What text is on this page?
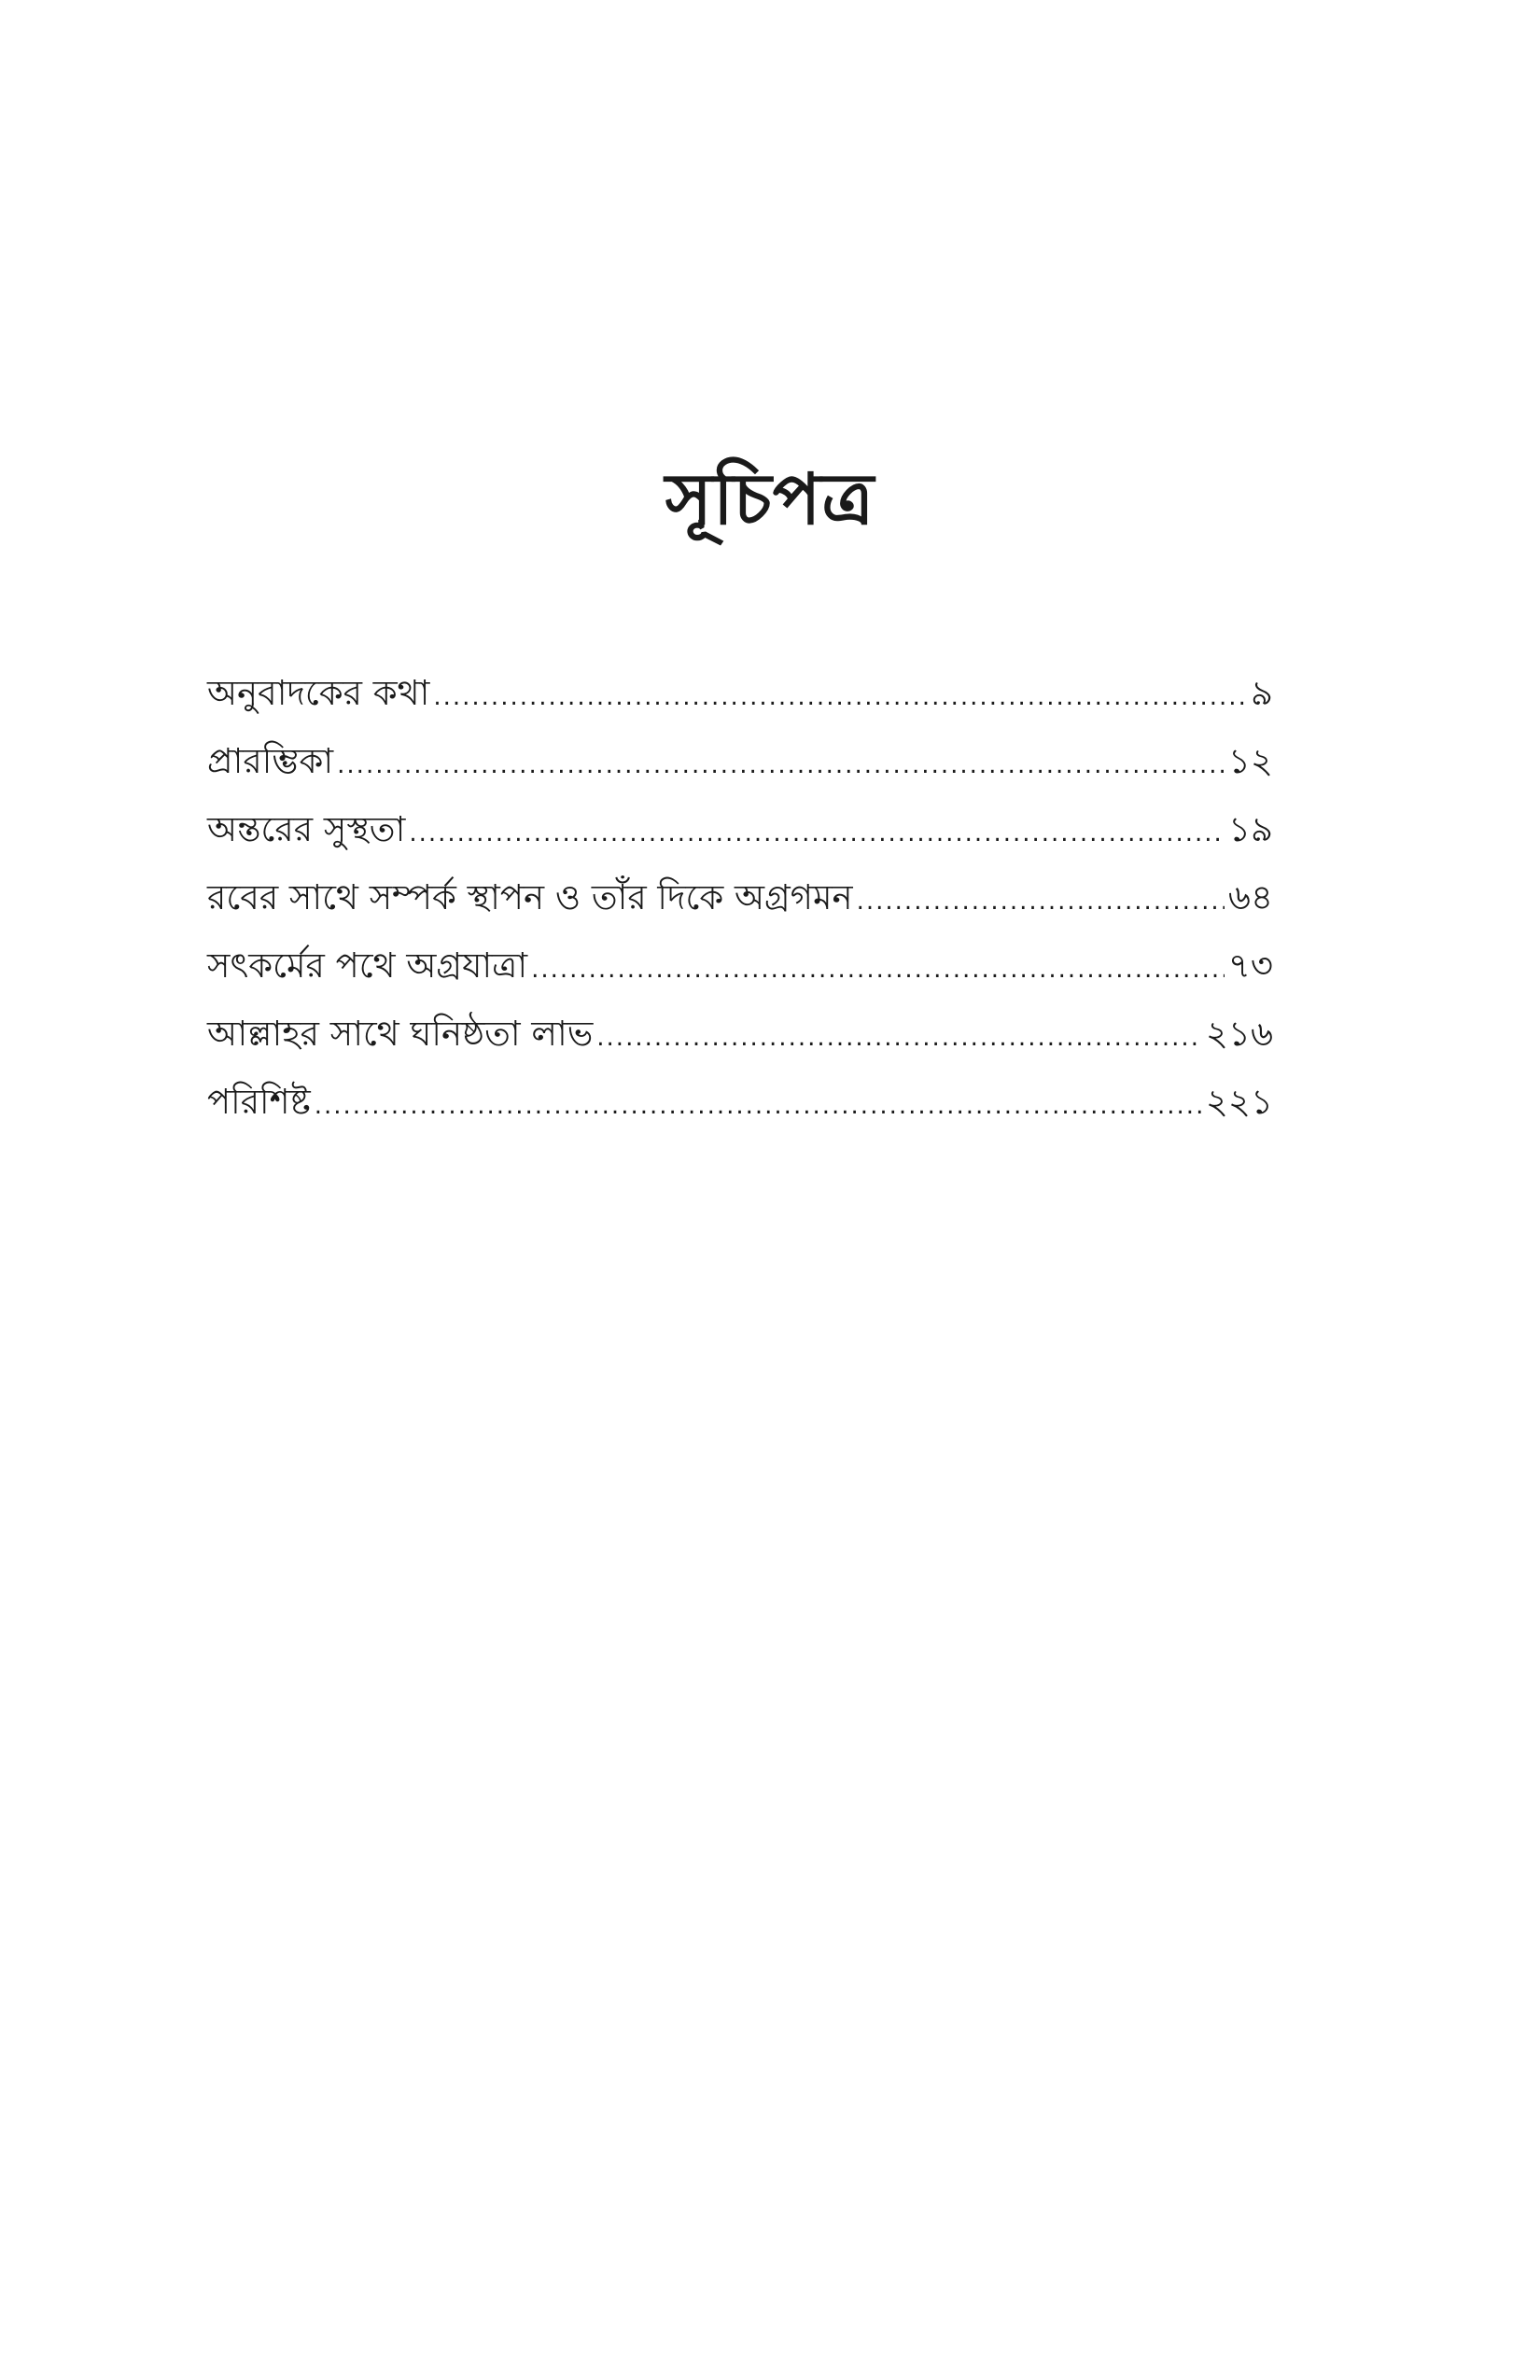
সূচিপত্র
অনুবাদকের কথা .....	৯
প্রারম্ভিকা .....	১২
অন্তরের সুস্থতা .....	১৯
রবের সাথে সম্পর্ক স্থাপন ও তাঁর দিকে অগ্রগমন .....	৬৪
সৎকর্মের পথে অগ্রযাত্রা .....	৭৩
আল্লাহর সাথে ঘনিষ্ঠতা লাভ .....	২১৬
পরিশিষ্ট .....	২২১
